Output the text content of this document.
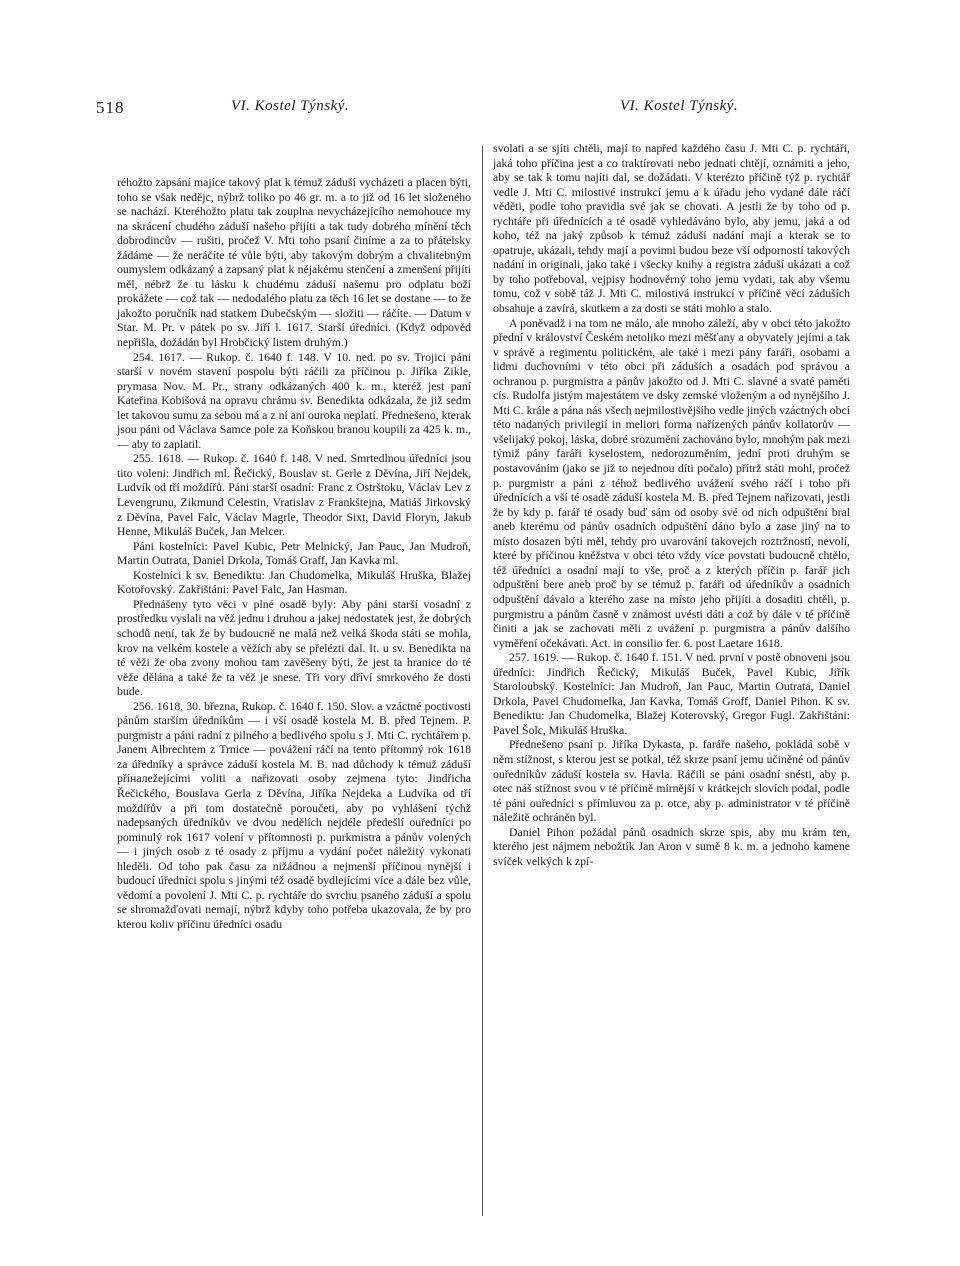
518	VI. Kostel Týnský.	VI. Kostel Týnský.

réhožto zapsání majíce takový plat k témuž záduší vycházeti a placen býti, toho se však nedějc, nýbrž toliko po 46 gr. m. a to již od 16 let složeného se nachází. Kteréhožto platu tak zouplna nevycházejícího nemohouce my na skrácení chudého záduší našeho přijíti a tak tudy dobrého mínění těch dobrodincův — rušiti, pročež V. Mti toho psaní činíme a za to přátelsky žádáme — že neráčíte té vůle býti, aby takovým dobrým a chvalitebným oumyslem odkázaný a zapsaný plat k nějakému stenčení a zmenšení přijíti měl, nébrž že tu lásku k chudému záduší našemu pro odplatu boží prokážete — což tak — nedodalého platu za těch 16 let se dostane — to že jakožto poručník nad statkem Dubečským — složiti — ráčíte. — Datum v Star. M. Pr. v pátek po sv. Jiří l. 1617. Starší úředníci. (Když odpověd nepřišla, dožádán byl Hrobčický listem druhým.)

254. 1617. — Rukop. č. 1640 f. 148. V 10. ned. po sv. Trojici páni starší v novém stavení pospolu býti ráčili za příčinou p. Jiříka Zikle, prymasa Nov. M. Pr., strany odkázaných 400 k. m., kteréž jest paní Kateřina Kobišová na opravu chrámu sv. Benedikta odkázala, že již sedm let takovou sumu za sebou má a z ní ani ouroka neplatí. Přednešeno, kterak jsou páni od Václava Samce pole za Koňskou branou koupili za 425 k. m., — aby to zaplatil.

255. 1618. — Rukop. č. 1640 f. 148. V ned. Smrtedlnou úředníci jsou tito voleni: Jindřich ml. Řečický, Bouslav st. Gerle z Děvína, Jiří Nejdek, Ludvík od tří moždířů. Páni starší osadní: Franc z Ostrštoku, Václav Lev z Levengrunu, Zikmund Celestin, Vratislav z Frankštejna, Matiáš Jirkovský z Děvína, Pavel Falc, Václav Magrle, Theodor Sixt, David Floryn, Jakub Henne, Mikuláš Buček, Jan Melcer.

Páni kostelníci: Pavel Kubic, Petr Melnický, Jan Pauc, Jan Mudroň, Martin Outrata, Daniel Drkola, Tomáš Graff, Jan Kavka ml.

Kostelníci k sv. Benediktu: Jan Chudomelka, Mikuláš Hruška, Blažej Kotořovský. Zakřištáni: Pavel Falc, Jan Hasman.

Přednášeny tyto věci v plné osadě byly: Aby páni starší vosadní z prostředku vyslali na věž jednu i druhou a jakej nedostatek jest, že dobrých schodů není, tak že by budoucně ne malá než velká škoda státi se mohla, krov na velkém kostele a věžích aby se přelézti dal. It. u sv. Benedikta na té věži že oba zvony mohou tam zavěšeny býti, že jest ta hranice do té věže dělána a také že ta věž je snese. Tři vory dříví smrkového že dosti bude.

256. 1618, 30. března, Rukop. č. 1640 f. 150. Slov. a vzáctné poctivosti pánům starším úředníkům — i vší osadě kostela M. B. před Tejnem. P. purgmistr a páni radní z pilného a bedlivého spolu s J. Mti C. rychtářem p. Janem Albrechtem z Trnice — povážení ráčí na tento přítomný rok 1618 za úředníky a správce záduší kostela M. B. nad důchody k témuž záduší příналežejícími voliti a nařizovati osoby zejmena tyto: Jindřicha Řečického, Bouslava Gerla z Děvína, Jiříka Nejdeka a Ludvíka od tří moždířův a při tom dostatečně poroučeti, aby po vyhlášení týchž nadepsaných úředníkův ve dvou nedělích nejdéle předešlí ouředníci po pominulý rok 1617 volení v přítomnosti p. purkmistra a pánův volených — i jiných osob z té osady z příjmu a vydání počet náležitý vykonati hleděli. Od toho pak času za nižádnou a nejmenší příčinou nynější i budoucí úředníci spolu s jinými též osadě bydlejícími více a dále bez vůle, vědomí a povolení J. Mti C. p. rychtáře do svrchu psaného záduší a spolu se shromažďovati nemají, nýbrž kdyby toho potřeba ukazovala, že by pro kterou koliv příčinu úředníci osadu

svolati a se sjíti chtěli, mají to napřed každého času J. Mti C. p. rychtáři, jaká toho příčina jest a co traktírovati nebo jednati chtějí, oznámiti a jeho, aby se tak k tomu najíti dal, se dožádati. V kterézto příčině týž p. rychtář vedle J. Mti C. milostivé instrukcí jemu a k úřadu jeho vydané dále ráčí věděti, podle toho pravidla své jak se chovati. A jestli že by toho od p. rychtáře při úřednících a té osadě vyhledáváno bylo, aby jemu, jaká a od koho, též na jaký způsob k témuž záduší nadání mají a kterak se to opatruje, ukázali, tehdy mají a povinni budou beze vší odporností takových nadání in originali, jako také i všecky knihy a registra záduší ukázati a což by toho potřeboval, vejpisy hodnověrný toho jemu vydati, tak aby všemu tomu, což v sobě táž J. Mti C. milostivá instrukcí v příčině věcí záduších obsahuje a zavírá, skutkem a za dosti se státi mohlo a stalo.

A poněvadž i na tom ne málo, ale mnoho záleží, aby v obci této jakožto přední v království Českém netoliko mezi měšťany a obyvately jejími a tak v správě a regimentu politickém, ale také i mezi pány faráři, osobami a lidmi duchovními v této obci při záduších a osadách pod správou a ochranou p. purgmistra a pánův jakožto od J. Mti C. slavné a svaté paměti cís. Rudolfa jistým majestátem ve dsky zemské vloženým a od nynějšího J. Mti C. krále a pána nás všech nejmilostivějšího vedle jiných vzáctných obcí této nadaných privilegií in meliori forma nařízených pánův kollatorův — všelijaký pokoj, láska, dobré srozumění zachováno bylo, mnohým pak mezi týmiž pány faráři kyselostem, nedorozuměním, jední proti druhým se postavováním (jako se již to nejednou díti počalo) přítrž státi mohl, pročež p. purgmistr a páni z téhož bedlivého uvážení svého ráčí i toho při úřednících a vší té osadě záduší kostela M. B. před Tejnem nařizovati, jestli že by kdy p. farář té osady buď sám od osoby své od nich odpuštění bral aneb kterému od pánův osadních odpuštění dáno bylo a zase jiný na to místo dosazen býti měl, tehdy pro uvarování takovejch roztržností, nevolí, které by příčinou kněžstva v obci této vždy více povstati budoucně chtělo, též úředníci a osadní mají to vše, proč a z kterých příčin p. farář jich odpuštění bere aneb proč by se témuž p. faráři od úředníkův a osadních odpuštění dávalo a kterého zase na místo jeho přijíti a dosaditi chtěli, p. purgmistru a pánům časně v známost uvésti dáti a což by dále v té příčině činiti a jak se zachovati měli z uvážení p. purgmistra a pánův dalšího vyměření očekávati. Act. in consilio fer. 6. post Laetare 1618.

257. 1619. — Rukop. č. 1640 f. 151. V ned. první v postě obnoveni jsou úředníci: Jindřich Řečický, Mikuláš Buček, Pavel Kubic, Jiřík Staroloubský. Kostelníci: Jan Mudroň, Jan Pauc, Martin Outrata, Daniel Drkola, Pavel Chudomelka, Jan Kavka, Tomáš Groff, Daniel Pihon. K sv. Benediktu: Jan Chudomelka, Blažej Koterovský, Gregor Fugl. Zakřištáni: Pavel Šolc, Mikuláš Hruška.

Přednešeno psaní p. Jiříka Dykasta, p. faráře našeho, pokládá sobě v něm stížnost, s kterou jest se potkal, též skrze psaní jemu učiněné od pánův ouředníkův záduší kostela sv. Havla. Ráčili se páni osadní snésti, aby p. otec náš stížnost svou v té příčině mírnější v krátkejch slovích podal, podle té páni ouředníci s přímluvou za p. otce, aby p. administrator v té příčině náležitě ochráněn byl.

Daniel Pihon požádal pánů osadních skrze spis, aby mu krám ten, kterého jest nájmem nebožtík Jan Aron v sumě 8 k. m. a jednoho kamene svíček velkých k zpí-
